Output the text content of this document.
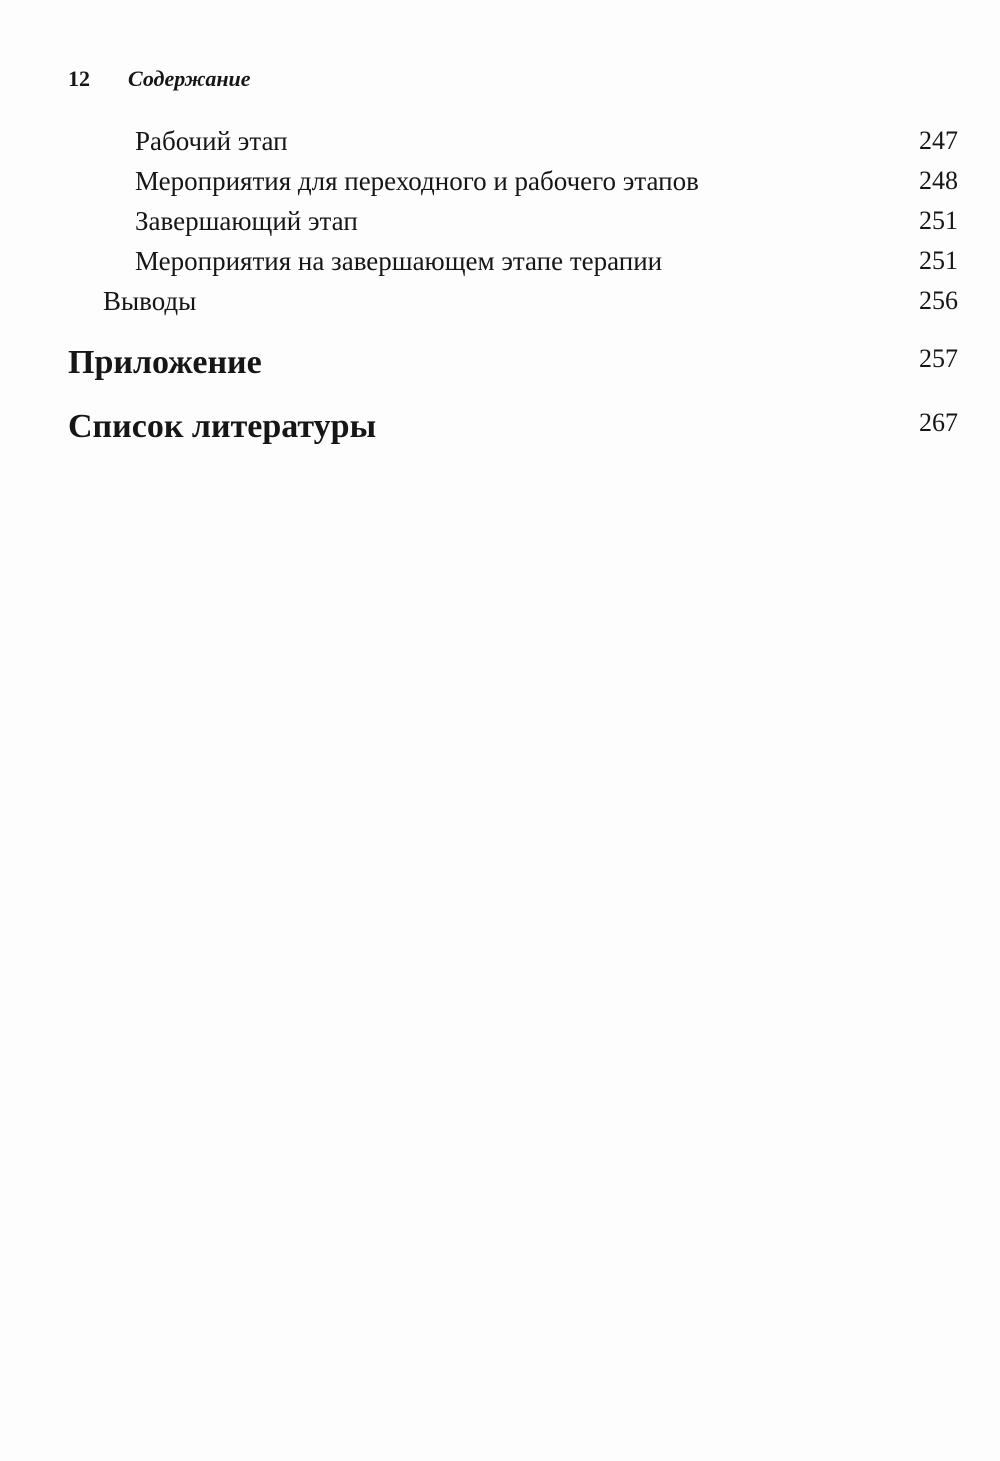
12	Содержание
Рабочий этап	247
Мероприятия для переходного и рабочего этапов	248
Завершающий этап	251
Мероприятия на завершающем этапе терапии	251
Выводы	256
Приложение	257
Список литературы	267
